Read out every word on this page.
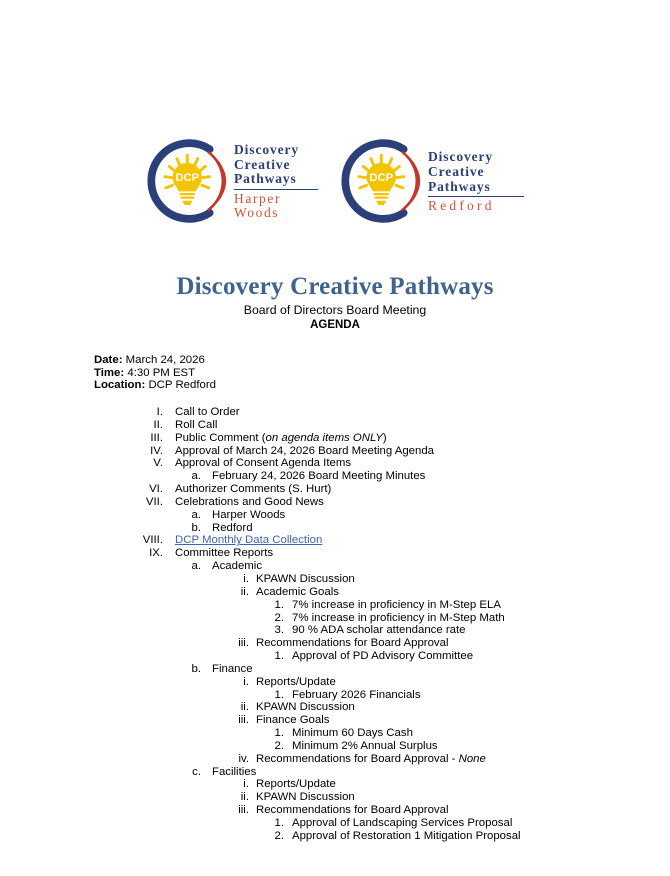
DCP
Discovery
Creative
Pathways
Harper
Woods
DCP
Discovery
Creative
Pathways
Redford
Discovery Creative Pathways
Board of Directors Board Meeting
AGENDA
Date: March 24, 2026
Time: 4:30 PM EST
Location: DCP Redford
I. Call to Order
II. Roll Call
III. Public Comment (on agenda items ONLY)
IV. Approval of March 24, 2026 Board Meeting Agenda
V. Approval of Consent Agenda Items
a. February 24, 2026 Board Meeting Minutes
VI. Authorizer Comments (S. Hurt)
VII. Celebrations and Good News
a. Harper Woods
b. Redford
VIII. DCP Monthly Data Collection
IX. Committee Reports
a. Academic
i. KPAWN Discussion
ii. Academic Goals
1. 7% increase in proficiency in M-Step ELA
2. 7% increase in proficiency in M-Step Math
3. 90 % ADA scholar attendance rate
iii. Recommendations for Board Approval
1. Approval of PD Advisory Committee
b. Finance
i. Reports/Update
1. February 2026 Financials
ii. KPAWN Discussion
iii. Finance Goals
1. Minimum 60 Days Cash
2. Minimum 2% Annual Surplus
iv. Recommendations for Board Approval - None
c. Facilities
i. Reports/Update
ii. KPAWN Discussion
iii. Recommendations for Board Approval
1. Approval of Landscaping Services Proposal
2. Approval of Restoration 1 Mitigation Proposal
